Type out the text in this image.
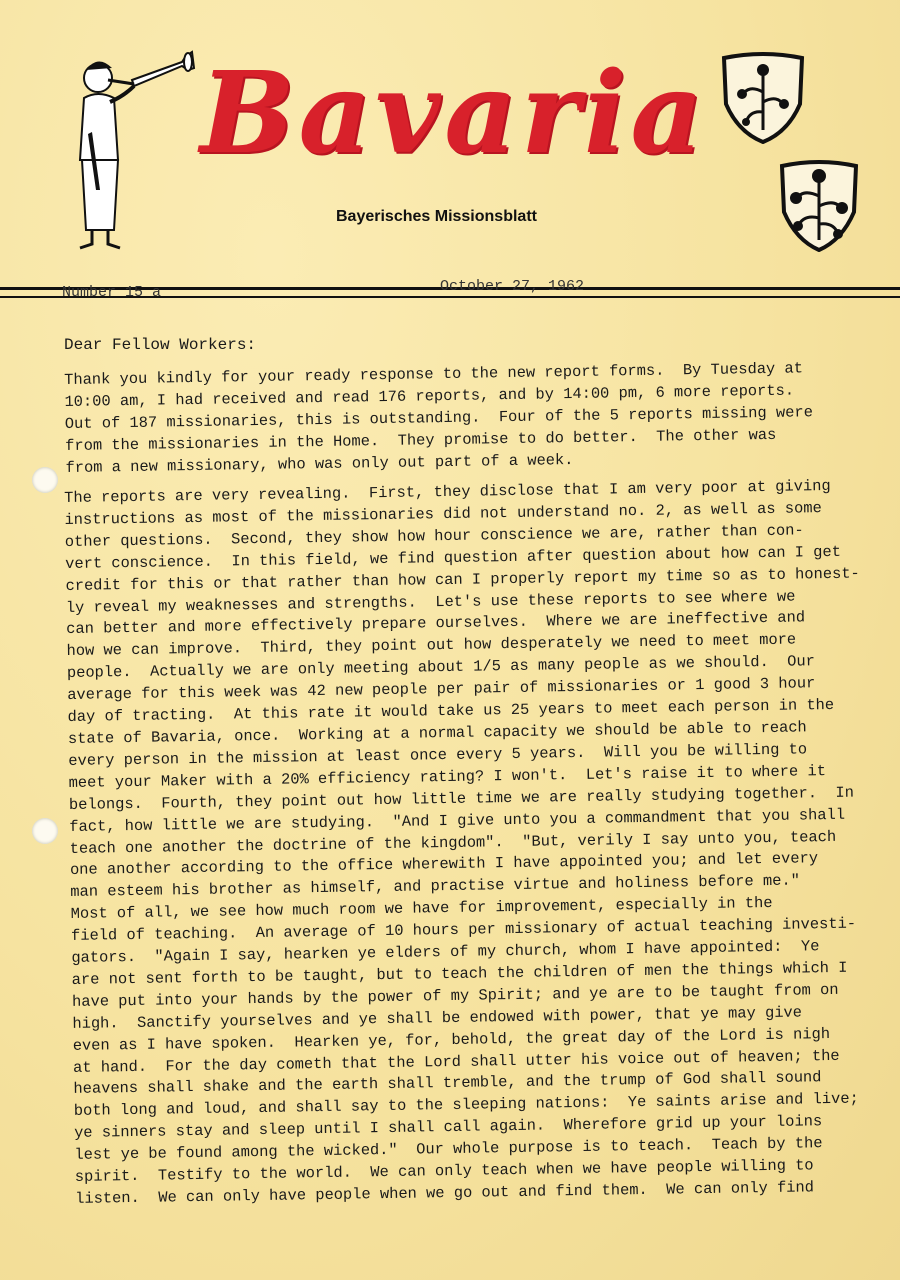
Bavaria
Bayerisches Missionsblatt
Number 15 a	October 27, 1962
Dear Fellow Workers:

Thank you kindly for your ready response to the new report forms.  By Tuesday at
10:00 am, I had received and read 176 reports, and by 14:00 pm, 6 more reports.
Out of 187 missionaries, this is outstanding.  Four of the 5 reports missing were
from the missionaries in the Home.  They promise to do better.  The other was
from a new missionary, who was only out part of a week.

The reports are very revealing.  First, they disclose that I am very poor at giving
instructions as most of the missionaries did not understand no. 2, as well as some
other questions.  Second, they show how hour conscience we are, rather than con-
vert conscience.  In this field, we find question after question about how can I get
credit for this or that rather than how can I properly report my time so as to honest-
ly reveal my weaknesses and strengths.  Let's use these reports to see where we
can better and more effectively prepare ourselves.  Where we are ineffective and
how we can improve.  Third, they point out how desperately we need to meet more
people.  Actually we are only meeting about 1/5 as many people as we should.  Our
average for this week was 42 new people per pair of missionaries or 1 good 3 hour
day of tracting.  At this rate it would take us 25 years to meet each person in the
state of Bavaria, once.  Working at a normal capacity we should be able to reach
every person in the mission at least once every 5 years.  Will you be willing to
meet your Maker with a 20% efficiency rating? I won't.  Let's raise it to where it
belongs.  Fourth, they point out how little time we are really studying together.  In
fact, how little we are studying.  "And I give unto you a commandment that you shall
teach one another the doctrine of the kingdom".  "But, verily I say unto you, teach
one another according to the office wherewith I have appointed you; and let every
man esteem his brother as himself, and practise virtue and holiness before me."
Most of all, we see how much room we have for improvement, especially in the
field of teaching.  An average of 10 hours per missionary of actual teaching investi-
gators.  "Again I say, hearken ye elders of my church, whom I have appointed:  Ye
are not sent forth to be taught, but to teach the children of men the things which I
have put into your hands by the power of my Spirit; and ye are to be taught from on
high.  Sanctify yourselves and ye shall be endowed with power, that ye may give
even as I have spoken.  Hearken ye, for, behold, the great day of the Lord is nigh
at hand.  For the day cometh that the Lord shall utter his voice out of heaven; the
heavens shall shake and the earth shall tremble, and the trump of God shall sound
both long and loud, and shall say to the sleeping nations:  Ye saints arise and live;
ye sinners stay and sleep until I shall call again.  Wherefore grid up your loins
lest ye be found among the wicked."  Our whole purpose is to teach.  Teach by the
spirit.  Testify to the world.  We can only teach when we have people willing to
listen.  We can only have people when we go out and find them.  We can only find
